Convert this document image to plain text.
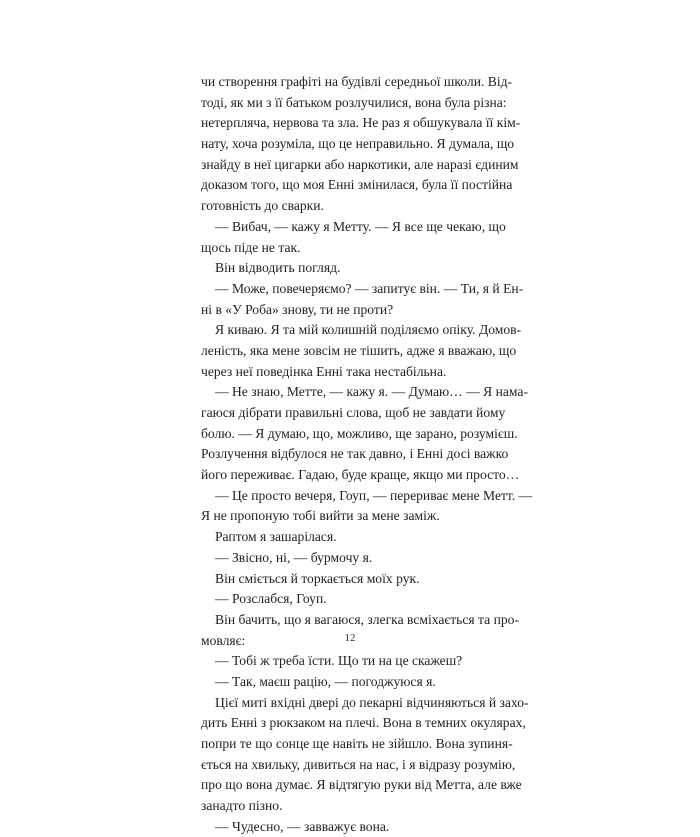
чи створення графіті на будівлі середньої школи. Від-
тоді, як ми з її батьком розлучилися, вона була різна:
нетерпляча, нервова та зла. Не раз я обшукувала її кім-
нату, хоча розуміла, що це неправильно. Я думала, що
знайду в неї цигарки або наркотики, але наразі єдиним
доказом того, що моя Енні змінилася, була її постійна
готовність до сварки.
— Вибач, — кажу я Метту. — Я все ще чекаю, що
щось піде не так.
Він відводить погляд.
— Може, повечеряємо? — запитує він. — Ти, я й Ен-
ні в «У Роба» знову, ти не проти?
Я киваю. Я та мій колишній поділяємо опіку. Домов-
леність, яка мене зовсім не тішить, адже я вважаю, що
через неї поведінка Енні така нестабільна.
— Не знаю, Метте, — кажу я. — Думаю… — Я нама-
гаюся дібрати правильні слова, щоб не завдати йому
болю. — Я думаю, що, можливо, ще зарано, розумієш.
Розлучення відбулося не так давно, і Енні досі важко
його переживає. Гадаю, буде краще, якщо ми просто…
— Це просто вечеря, Гоуп, — перериває мене Метт. —
Я не пропоную тобі вийти за мене заміж.
Раптом я зашарілася.
— Звісно, ні, — бурмочу я.
Він сміється й торкається моїх рук.
— Розслабся, Гоуп.
Він бачить, що я вагаюся, злегка всміхається та про-
мовляє:
— Тобі ж треба їсти. Що ти на це скажеш?
— Так, маєш рацію, — погоджуюся я.
Цієї миті вхідні двері до пекарні відчиняються й захо-
дить Енні з рюкзаком на плечі. Вона в темних окулярах,
попри те що сонце ще навіть не зійшло. Вона зупиня-
ється на хвильку, дивиться на нас, і я відразу розумію,
про що вона думає. Я відтягую руки від Метта, але вже
занадто пізно.
— Чудесно, — завважує вона.
12
